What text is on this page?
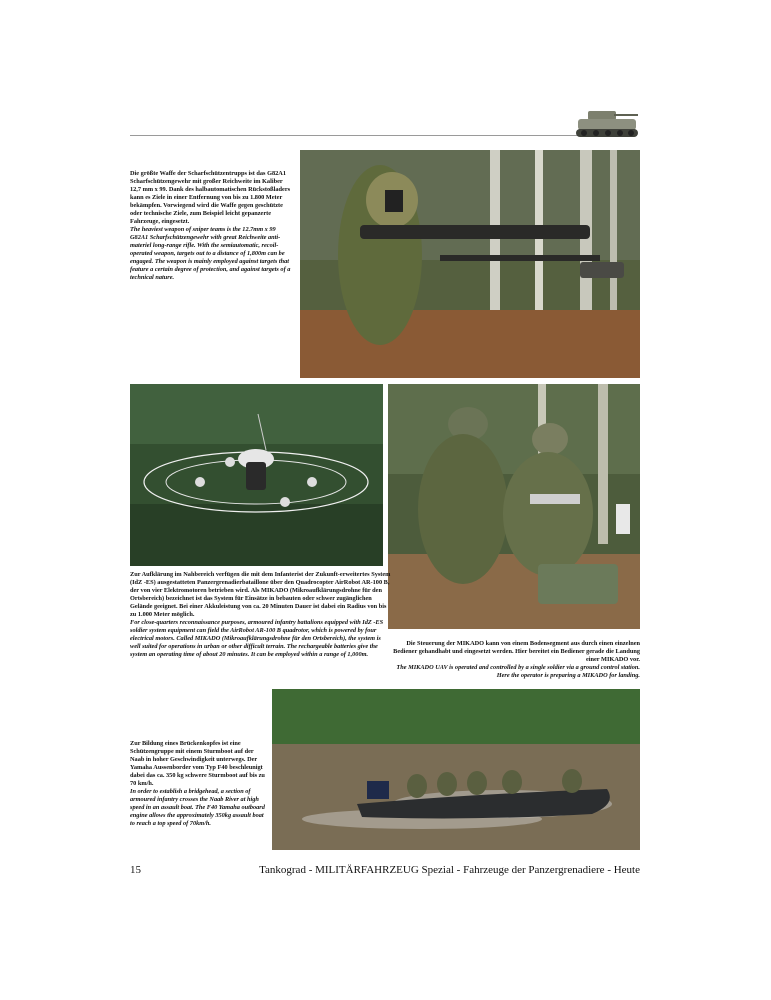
Die größte Waffe der Scharfschützentrupps ist das G82A1 Scharfschützengewehr mit großer Reichweite im Kaliber 12,7 mm x 99. Dank des halbautomatischen Rückstoßladers kann es Ziele in einer Entfernung von bis zu 1.800 Meter bekämpfen. Vorwiegend wird die Waffe gegen geschützte oder technische Ziele, zum Beispiel leicht gepanzerte Fahrzeuge, eingesetzt.

The heaviest weapon of sniper teams is the 12.7mm x 99 G82A1 Scharfschützengewehr with great Reichweite anti-materiel long-range rifle. With the semiautomatic, recoil-operated weapon, targets out to a distance of 1,800m can be engaged. The weapon is mainly employed against targets that feature a certain degree of protection, and against targets of a technical nature.

Zur Aufklärung im Nahbereich verfügen die mit dem Infanterist der Zukunft-erweitertes System (IdZ -ES) ausgestatteten Panzergrenadierbataillone über den Quadrocopter AirRobot AR-100 B, der von vier Elektromotoren betrieben wird. Als MIKADO (Mikroaufklärungsdrohne für den Ortsbereich) bezeichnet ist das System für Einsätze in bebauten oder schwer zugänglichen Gelände geeignet. Bei einer Akkuleistung von ca. 20 Minuten Dauer ist dabei ein Radius von bis zu 1.000 Meter möglich.

For close-quarters reconnaissance purposes, armoured infantry battalions equipped with IdZ -ES soldier system equipment can field the AirRobot AR-100 B quadrotor, which is powered by four electrical motors. Called MIKADO (Mikroaufklärungsdrohne für den Ortsbereich), the system is well suited for operations in urban or other difficult terrain. The rechargeable batteries give the system an operating time of about 20 minutes. It can be employed within a range of 1,000m.

Die Steuerung der MIKADO kann von einem Bodensegment aus durch einen einzelnen Bediener gehandhabt und eingesetzt werden. Hier bereitet ein Bediener gerade die Landung einer MIKADO vor.

The MIKADO UAV is operated and controlled by a single soldier via a ground control station. Here the operator is preparing a MIKADO for landing.

Zur Bildung eines Brückenkopfes ist eine Schützengruppe mit einem Sturmboot auf der Naab in hoher Geschwindigkeit unterwegs. Der Yamaha Aussenborder vom Typ F40 beschleunigt dabei das ca. 350 kg schwere Sturmboot auf bis zu 70 km/h.

In order to establish a bridgehead, a section of armoured infantry crosses the Naab River at high speed in an assault boat. The F40 Yamaha outboard engine allows the approximately 350kg assault boat to reach a top speed of 70km/h.

15	Tankograd - MILITÄRFAHRZEUG Spezial - Fahrzeuge der Panzergrenadiere - Heute
